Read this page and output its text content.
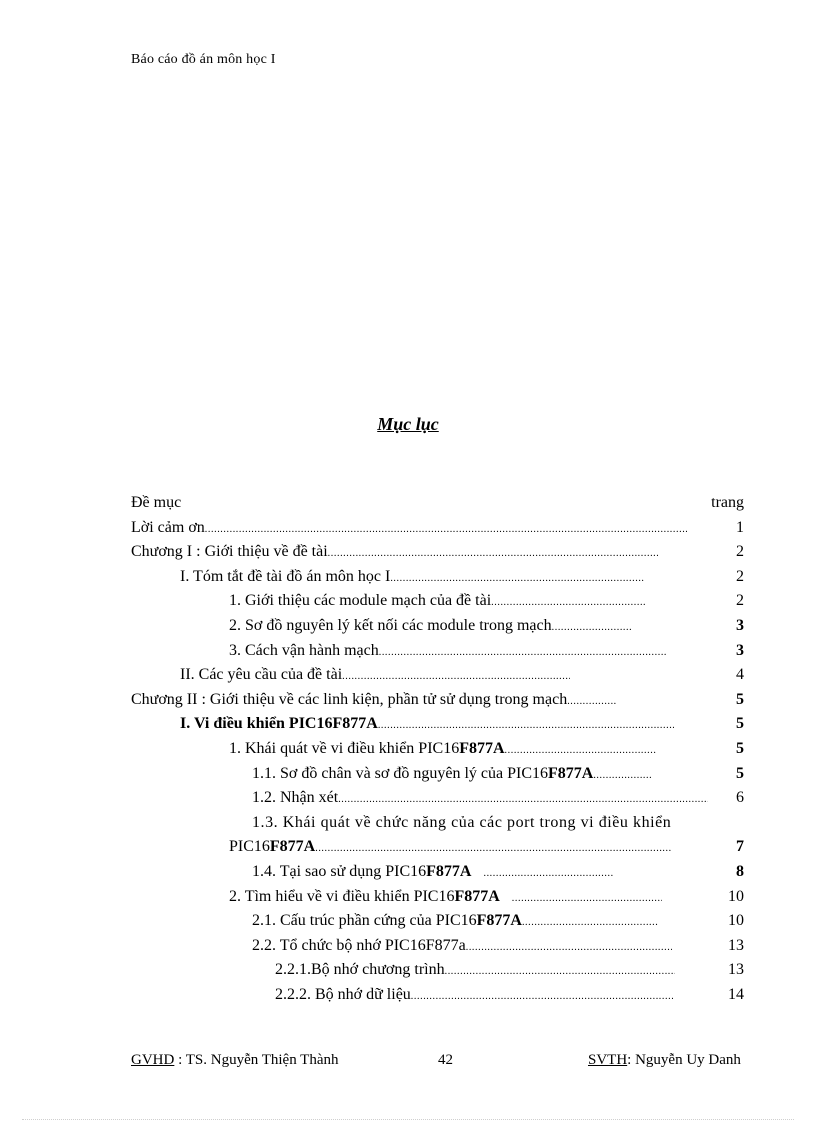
Báo cáo đồ án môn học I
Mục lục
Đề mục	trang
Lời cảm ơn .....	1
Chương I : Giới thiệu về đề tài .....	2
I. Tóm tắt đề tài đồ án môn học I .....	2
1. Giới thiệu các module mạch của đề tài .....	2
2. Sơ đồ nguyên lý kết nối các module trong mạch .....	3
3. Cách vận hành mạch .....	3
II. Các yêu cầu của đề tài .....	4
Chương II : Giới thiệu về các linh kiện, phần tử sử dụng trong mạch .....	5
I. Vi điều khiển PIC16F877A .....	5
1. Khái quát về vi điều khiển PIC16F877A .....	5
1.1. Sơ đồ chân và sơ đồ nguyên lý của PIC16F877A .....	5
1.2. Nhận xét .....	6
1.3. Khái quát về chức năng của các port trong vi điều khiển
PIC16F877A .....	7
1.4. Tại sao sử dụng PIC16F877A .....	8
2. Tìm hiểu về vi điều khiển PIC16F877A .....	10
2.1. Cấu trúc phần cứng của PIC16F877A .....	10
2.2. Tổ chức bộ nhớ PIC16F877a .....	13
2.2.1.Bộ nhớ chương trình .....	13
2.2.2. Bộ nhớ dữ liệu .....	14
GVHD : TS. Nguyễn Thiện Thành	42	SVTH: Nguyễn Uy Danh
